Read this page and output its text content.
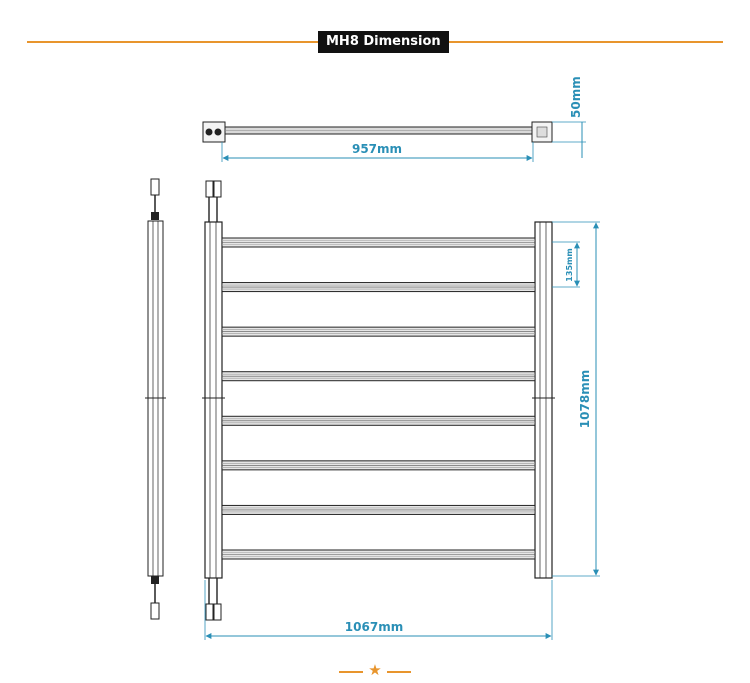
MH8 Dimension
957mm
50mm
1067mm
1078mm
135mm
★
